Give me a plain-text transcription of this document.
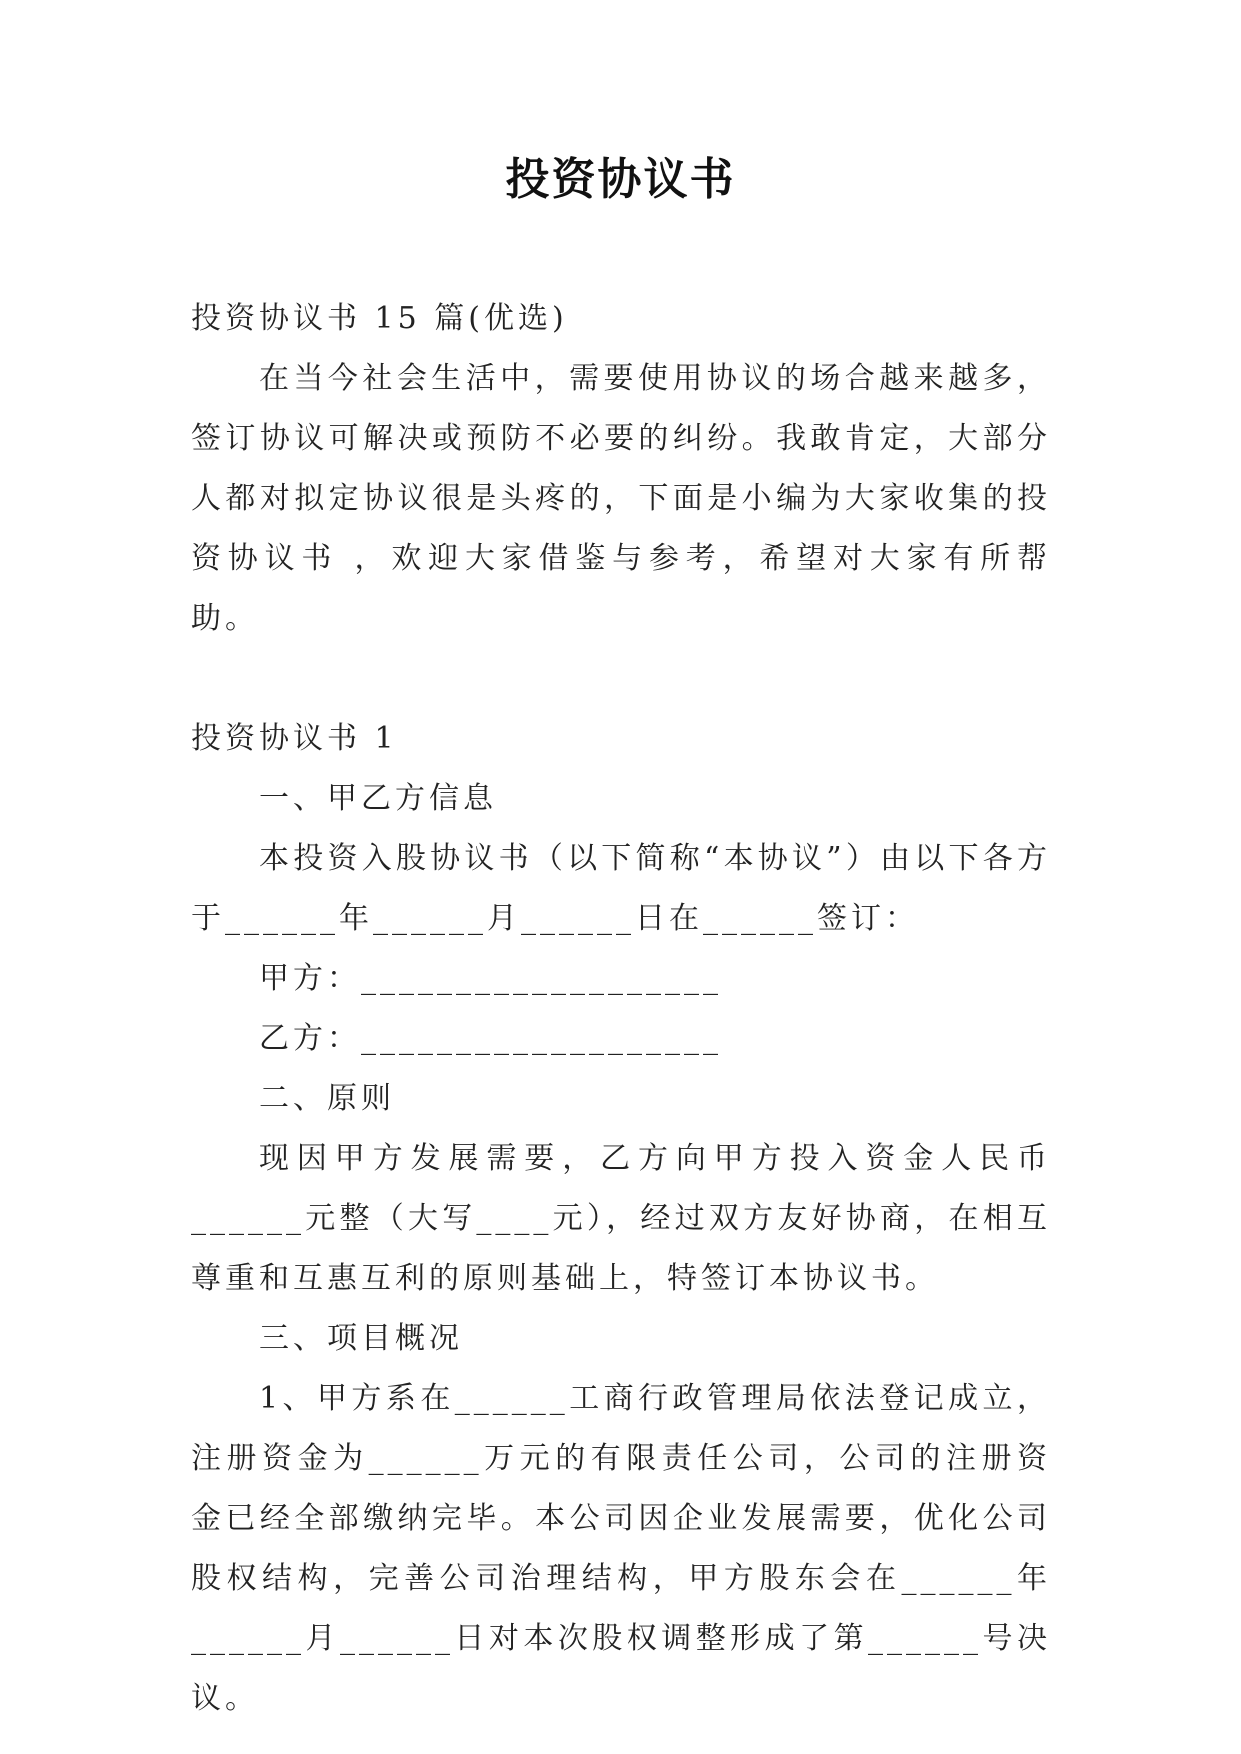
投资协议书

投资协议书 15 篇(优选)

在当今社会生活中，需要使用协议的场合越来越多，签订协议可解决或预防不必要的纠纷。我敢肯定，大部分人都对拟定协议很是头疼的，下面是小编为大家收集的投资协议书 ，欢迎大家借鉴与参考，希望对大家有所帮助。

投资协议书 1

一、甲乙方信息

本投资入股协议书（以下简称“本协议”）由以下各方于______年______月______日在______签订：

甲方：___________________

乙方：___________________

二、原则

现因甲方发展需要，乙方向甲方投入资金人民币______元整（大写____元），经过双方友好协商，在相互尊重和互惠互利的原则基础上，特签订本协议书。

三、项目概况

1、甲方系在______工商行政管理局依法登记成立，注册资金为______万元的有限责任公司，公司的注册资金已经全部缴纳完毕。本公司因企业发展需要，优化公司股权结构，完善公司治理结构，甲方股东会在______年______月______日对本次股权调整形成了第______号决议。
